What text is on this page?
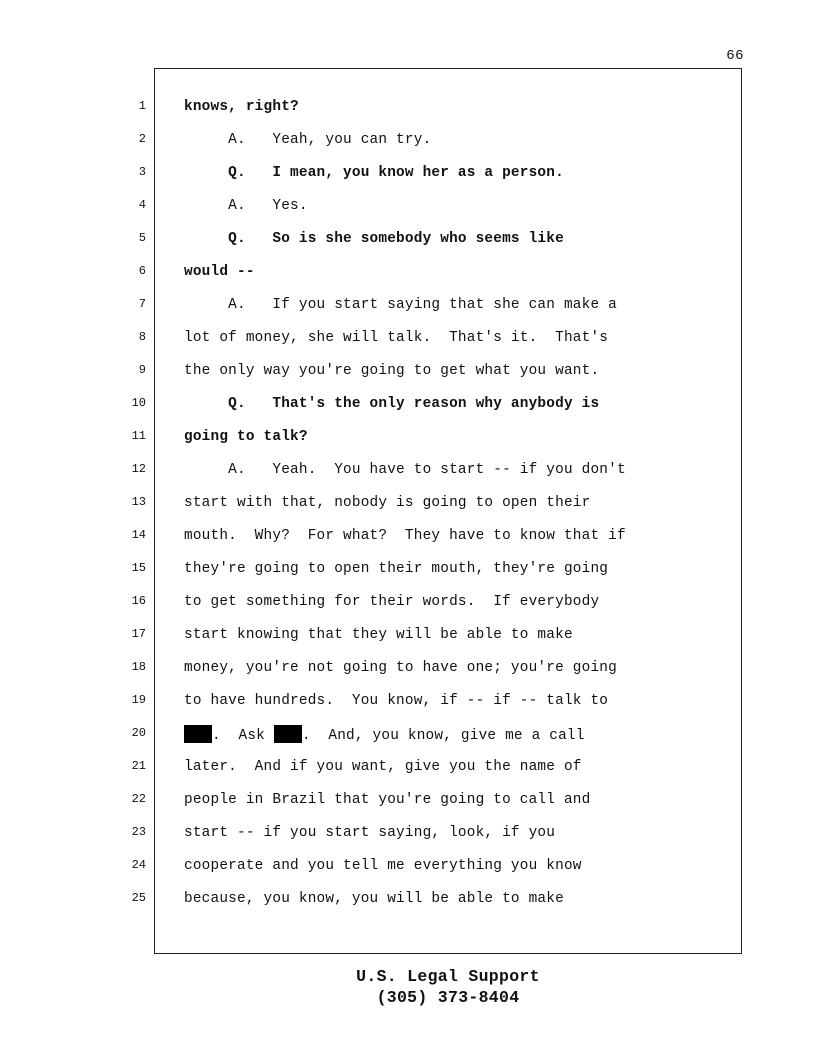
66
1	knows, right?
2	A.   Yeah, you can try.
3	Q.   I mean, you know her as a person.
4	A.   Yes.
5	Q.   So is she somebody who seems like
6	would --
7	A.   If you start saying that she can make a
8	lot of money, she will talk.  That's it.  That's
9	the only way you're going to get what you want.
10	Q.   That's the only reason why anybody is
11	going to talk?
12	A.   Yeah.  You have to start -- if you don't
13	start with that, nobody is going to open their
14	mouth.  Why?  For what?  They have to know that if
15	they're going to open their mouth, they're going
16	to get something for their words.  If everybody
17	start knowing that they will be able to make
18	money, you're not going to have one; you're going
19	to have hundreds.  You know, if -- if -- talk to
20	.  Ask .  And, you know, give me a call
21	later.  And if you want, give you the name of
22	people in Brazil that you're going to call and
23	start -- if you start saying, look, if you
24	cooperate and you tell me everything you know
25	because, you know, you will be able to make
U.S. Legal Support
(305) 373-8404
